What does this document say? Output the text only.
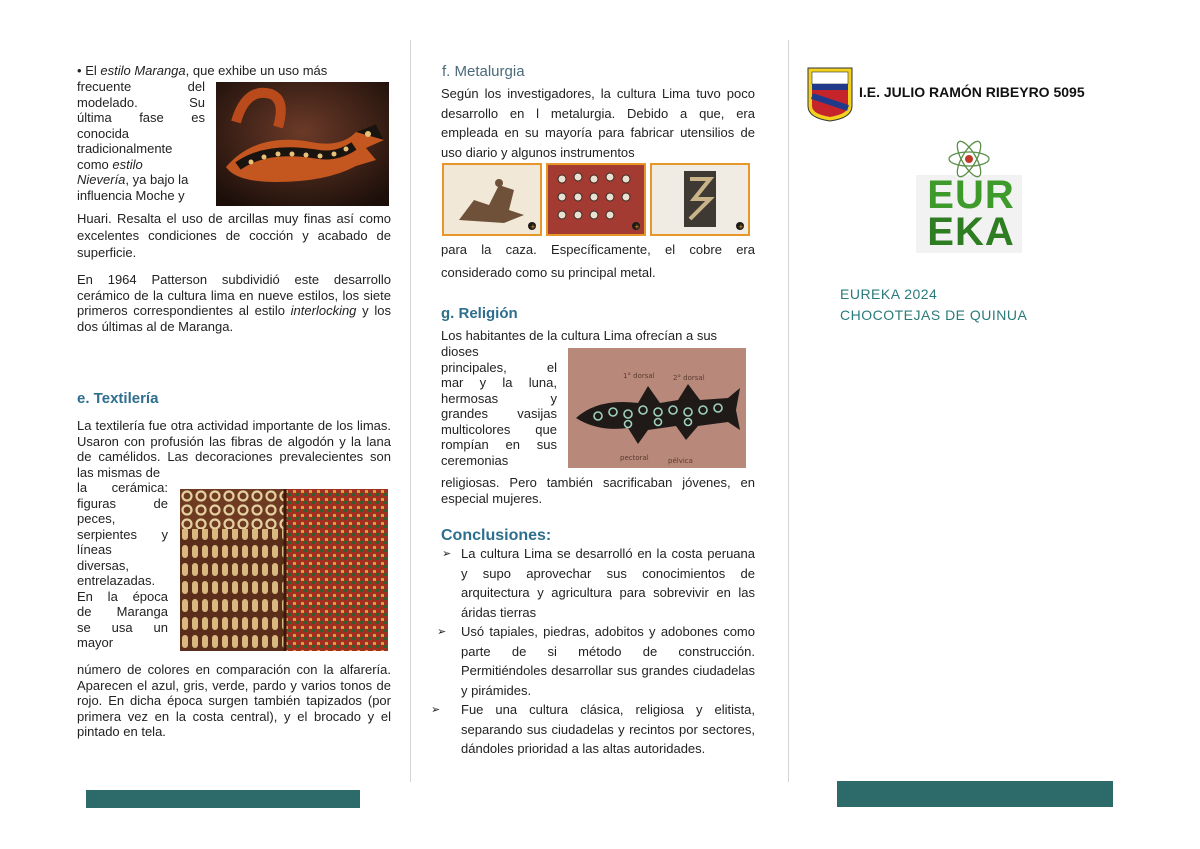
• El estilo Maranga, que exhibe un uso más

frecuente del
modelado. Su
última fase es
conocida
tradicionalmente
como estilo
Nievería, ya bajo la
influencia Moche y

Huari. Resalta el uso de arcillas muy finas así como excelentes condiciones de cocción y acabado de superficie.

En 1964 Patterson subdividió este desarrollo cerámico de la cultura lima en nueve estilos, los siete primeros correspondientes al estilo interlocking y los dos últimas al de Maranga.

e. Textilería

La textilería fue otra actividad importante de los limas. Usaron con profusión las fibras de algodón y la lana de camélidos. Las decoraciones prevalecientes son las mismas de

la cerámica:
figuras de
peces,
serpientes y
líneas
diversas,
entrelazadas.
En la época
de Maranga
se usa un
mayor

número de colores en comparación con la alfarería. Aparecen el azul, gris, verde, pardo y varios tonos de rojo. En dicha época surgen también tapizados (por primera vez en la costa central), y el brocado y el pintado en tela.

f. Metalurgia

Según los investigadores, la cultura Lima tuvo poco desarrollo en l metalurgia. Debido a que, era empleada en su mayoría para fabricar utensilios de uso diario y algunos instrumentos

+	+	+

para la caza. Específicamente, el cobre era considerado como su principal metal.

g. Religión
Los habitantes de la cultura Lima ofrecían a sus
dioses
principales, el
mar y la luna,
hermosas y
grandes vasijas
multicolores que
rompían en sus
ceremonias
1° dorsal	2° dorsal
pectoral	pélvica

religiosas. Pero también sacrificaban jóvenes, en especial mujeres.

Conclusiones:
➢ La cultura Lima se desarrolló en la costa peruana y supo aprovechar sus conocimientos de arquitectura y agricultura para sobrevivir en las áridas tierras
➢ Usó tapiales, piedras, adobitos y adobones como parte de si método de construcción. Permitiéndoles desarrollar sus grandes ciudadelas y pirámides.
➢ Fue una cultura clásica, religiosa y elitista, separando sus ciudadelas y recintos por sectores, dándoles prioridad a las altas autoridades.
I.E. JULIO RAMÓN RIBEYRO 5095
EUR
EKA
EUREKA 2024
CHOCOTEJAS DE QUINUA
